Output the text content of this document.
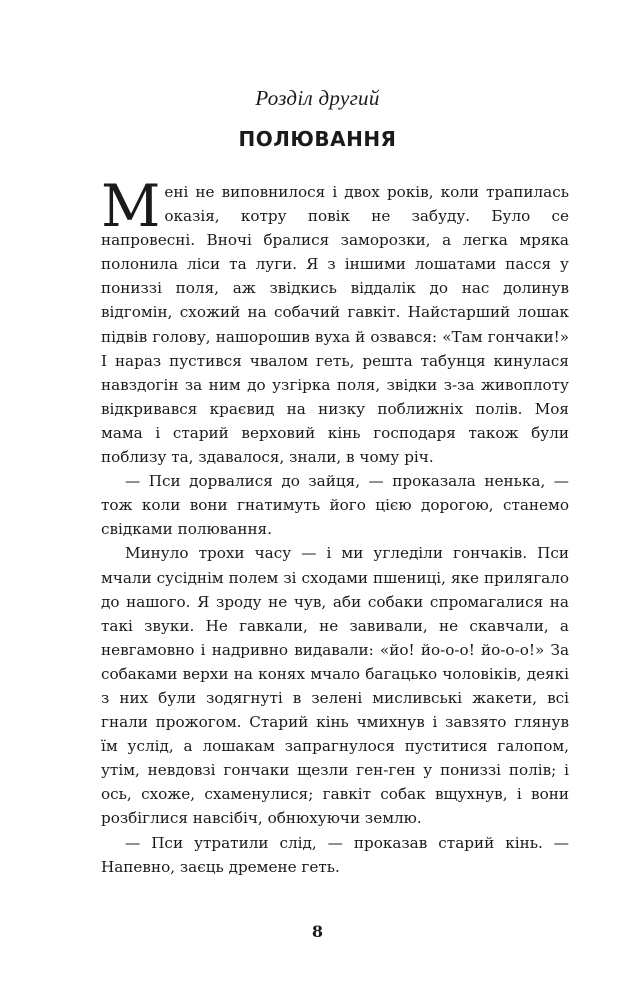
Розділ другий
ПОЛЮВАННЯ

Мені не виповнилося і двох років, коли трапилась оказія, котру повік не забуду. Було се напровесні. Вночі бралися заморозки, а легка мряка полонила ліси та луги. Я з іншими лошатами пасся у пониззі поля, аж звідкись віддалік до нас долинув відгомін, схожий на собачий гавкіт. Найстарший лошак підвів голову, нашорошив вуха й озвався: «Там гончаки!» І нараз пустився чвалом геть, решта табунця кинулася навздогін за ним до узгірка поля, звідки з-за живоплоту відкривався краєвид на низку поближніх полів. Моя мама і старий верховий кінь господаря також були поблизу та, здавалося, знали, в чому річ.

— Пси дорвалися до зайця, — проказала ненька, — тож коли вони гнатимуть його цією дорогою, станемо свідками полювання.

Минуло трохи часу — і ми угледіли гончаків. Пси мчали сусіднім полем зі сходами пшениці, яке прилягало до нашого. Я зроду не чув, аби собаки спромагалися на такі звуки. Не гавкали, не завивали, не скавчали, а невгамовно і надривно видавали: «йо! йо-о-о! йо-о-о!» За собаками верхи на конях мчало багацько чоловіків, деякі з них були зодягнуті в зелені мисливські жакети, всі гнали прожогом. Старий кінь чмихнув і завзято глянув їм услід, а лошакам запрагнулося пуститися галопом, утім, невдовзі гончаки щезли ген-ген у пониззі полів; і ось, схоже, схаменулися; гавкіт собак вщухнув, і вони розбіглися навсібіч, обнюхуючи землю.

— Пси утратили слід, — проказав старий кінь. — Напевно, заєць дремене геть.

8
